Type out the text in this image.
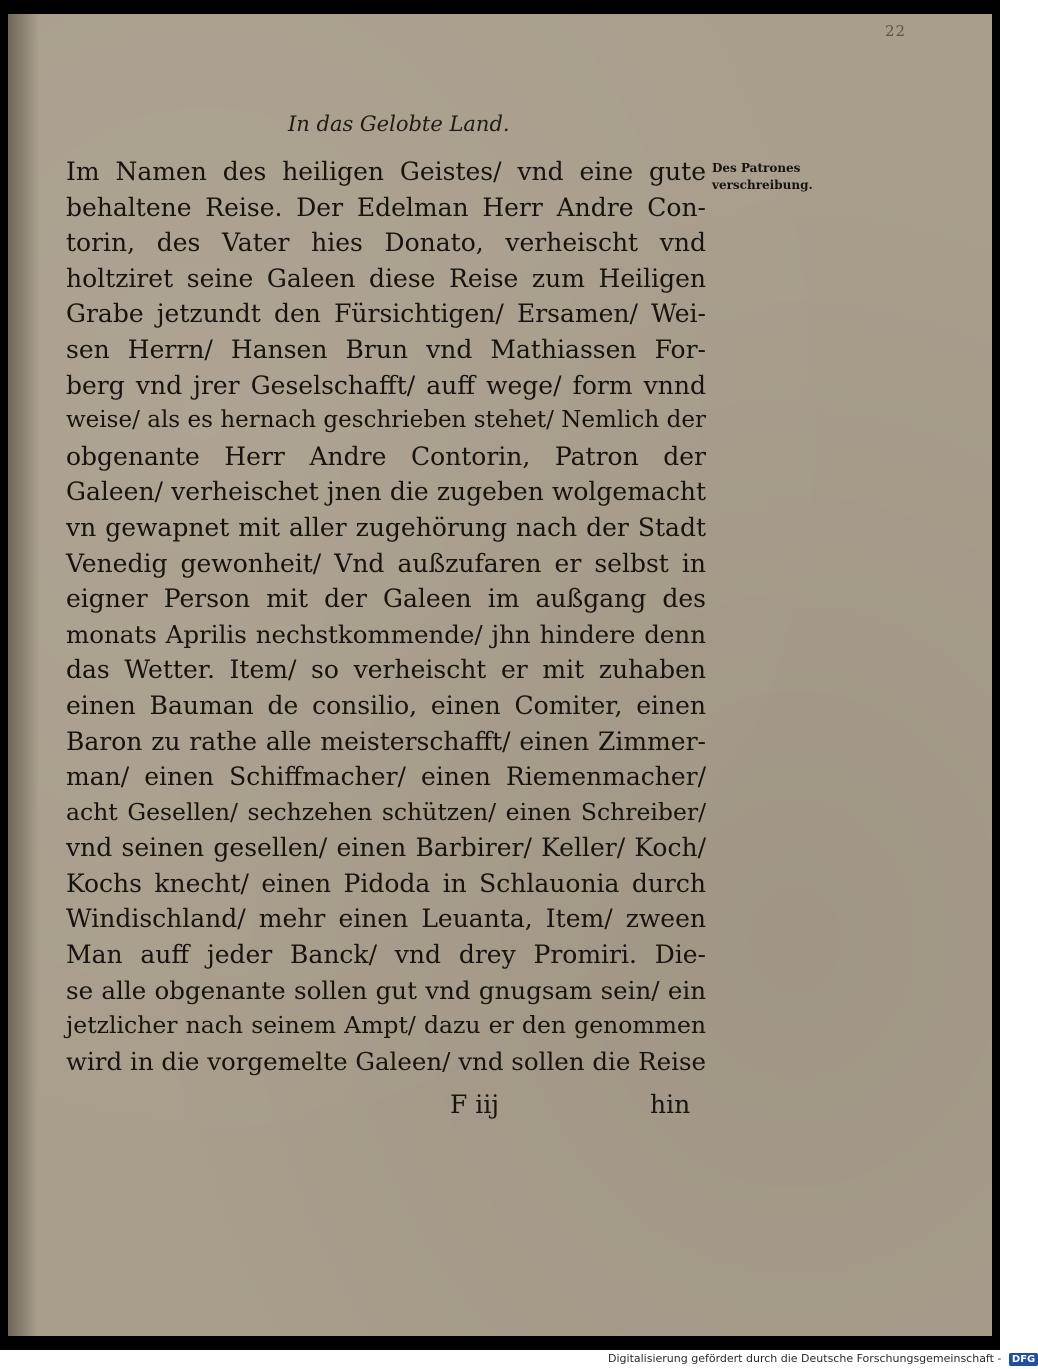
22
In das Gelobte Land.
Des Patrones verschreibung.
Im Namen des heiligen Geistes/ vnd eine gute
behaltene Reise. Der Edelman Herr Andre Con-
torin, des Vater hies Donato, verheischt vnd
holtziret seine Galeen diese Reise zum Heiligen
Grabe jetzundt den Fürsichtigen/ Ersamen/ Wei-
sen Herrn/ Hansen Brun vnd Mathiassen For-
berg vnd jrer Geselschafft/ auff wege/ form vnnd
weise/ als es hernach geschrieben stehet/ Nemlich der
obgenante Herr Andre Contorin, Patron der
Galeen/ verheischet jnen die zugeben wolgemacht
vn gewapnet mit aller zugehörung nach der Stadt
Venedig gewonheit/ Vnd außzufaren er selbst in
eigner Person mit der Galeen im außgang des
monats Aprilis nechstkommende/ jhn hindere denn
das Wetter. Item/ so verheischt er mit zuhaben
einen Bauman de consilio, einen Comiter, einen
Baron zu rathe alle meisterschafft/ einen Zimmer-
man/ einen Schiffmacher/ einen Riemenmacher/
acht Gesellen/ sechzehen schützen/ einen Schreiber/
vnd seinen gesellen/ einen Barbirer/ Keller/ Koch/
Kochs knecht/ einen Pidoda in Schlauonia durch
Windischland/ mehr einen Leuanta, Item/ zween
Man auff jeder Banck/ vnd drey Promiri. Die-
se alle obgenante sollen gut vnd gnugsam sein/ ein
jetzlicher nach seinem Ampt/ dazu er den genommen
wird in die vorgemelte Galeen/ vnd sollen die Reise
F iij	hin
Digitalisierung gefördert durch die Deutsche Forschungsgemeinschaft - DFG
